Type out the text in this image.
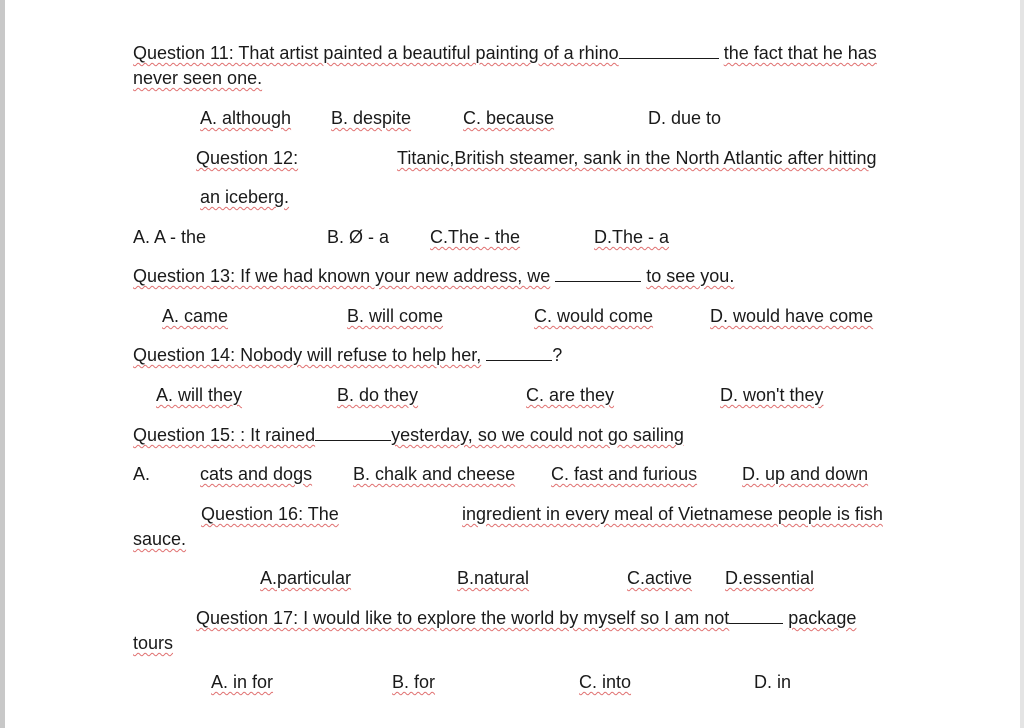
Question 11: That artist painted a beautiful painting of a rhino	the fact that he has
never seen one.
A. although B. despite	C. because	D. due to
Question 12:	Titanic,British steamer, sank in the North Atlantic after hitting
an iceberg.
A. A - the	B. Ø - a C.The - the	D.The - a
Question 13: If we had known your new address, we	to see you.
A. came	B. will come	C. would come	D. would have come
Question 14: Nobody will refuse to help her,	?
A. will they	B. do they	C. are they	D. won't they
Question 15: : It rained	yesterday, so we could not go sailing
A.	cats and dogs B. chalk and cheese C. fast and furious D. up and down
Question 16: The	ingredient in every meal of Vietnamese people is fish
sauce.
A.particular	B.natural	C.active D.essential
Question 17: I would like to explore the world by myself so I am not	package
tours
A. in for	B. for	C. into	D. in
